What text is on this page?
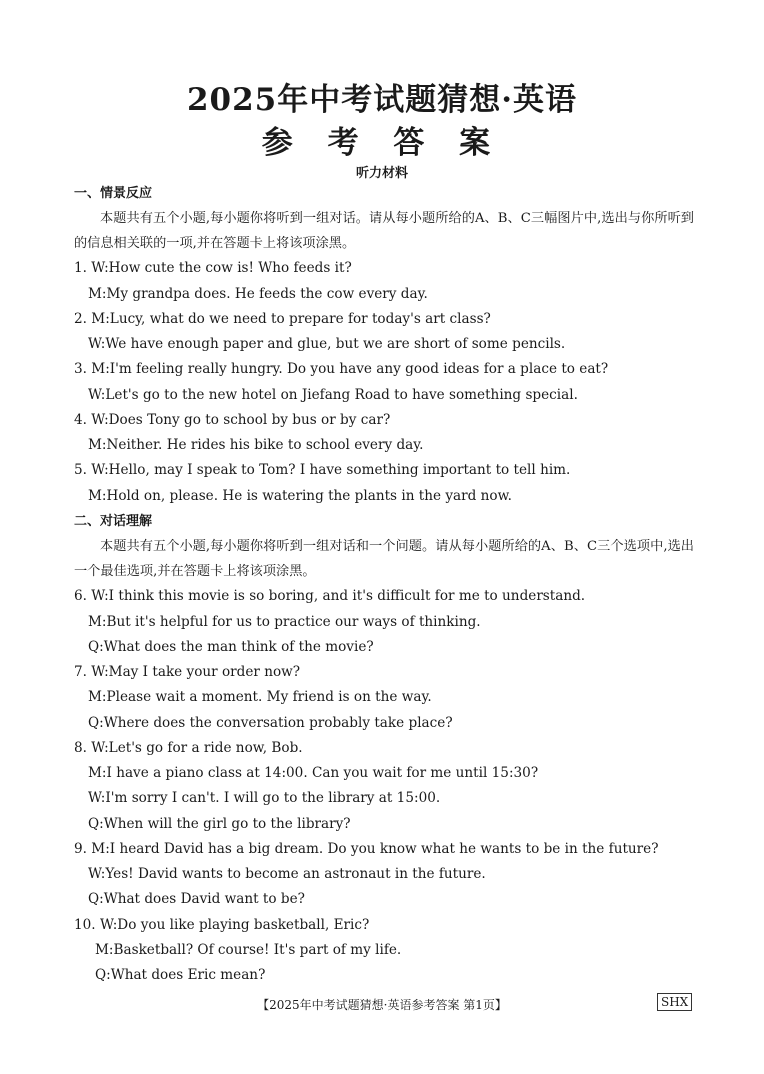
2025年中考试题猜想·英语
参 考 答 案
听力材料
一、情景反应
本题共有五个小题,每小题你将听到一组对话。请从每小题所给的A、B、C三幅图片中,选出与你所听到的信息相关联的一项,并在答题卡上将该项涂黑。
1. W:How cute the cow is! Who feeds it?
M:My grandpa does. He feeds the cow every day.
2. M:Lucy, what do we need to prepare for today's art class?
W:We have enough paper and glue, but we are short of some pencils.
3. M:I'm feeling really hungry. Do you have any good ideas for a place to eat?
W:Let's go to the new hotel on Jiefang Road to have something special.
4. W:Does Tony go to school by bus or by car?
M:Neither. He rides his bike to school every day.
5. W:Hello, may I speak to Tom? I have something important to tell him.
M:Hold on, please. He is watering the plants in the yard now.
二、对话理解
本题共有五个小题,每小题你将听到一组对话和一个问题。请从每小题所给的A、B、C三个选项中,选出一个最佳选项,并在答题卡上将该项涂黑。
6. W:I think this movie is so boring, and it's difficult for me to understand.
M:But it's helpful for us to practice our ways of thinking.
Q:What does the man think of the movie?
7. W:May I take your order now?
M:Please wait a moment. My friend is on the way.
Q:Where does the conversation probably take place?
8. W:Let's go for a ride now, Bob.
M:I have a piano class at 14:00. Can you wait for me until 15:30?
W:I'm sorry I can't. I will go to the library at 15:00.
Q:When will the girl go to the library?
9. M:I heard David has a big dream. Do you know what he wants to be in the future?
W:Yes! David wants to become an astronaut in the future.
Q:What does David want to be?
10. W:Do you like playing basketball, Eric?
M:Basketball? Of course! It's part of my life.
Q:What does Eric mean?
【2025年中考试题猜想·英语参考答案 第1页】	SHX
